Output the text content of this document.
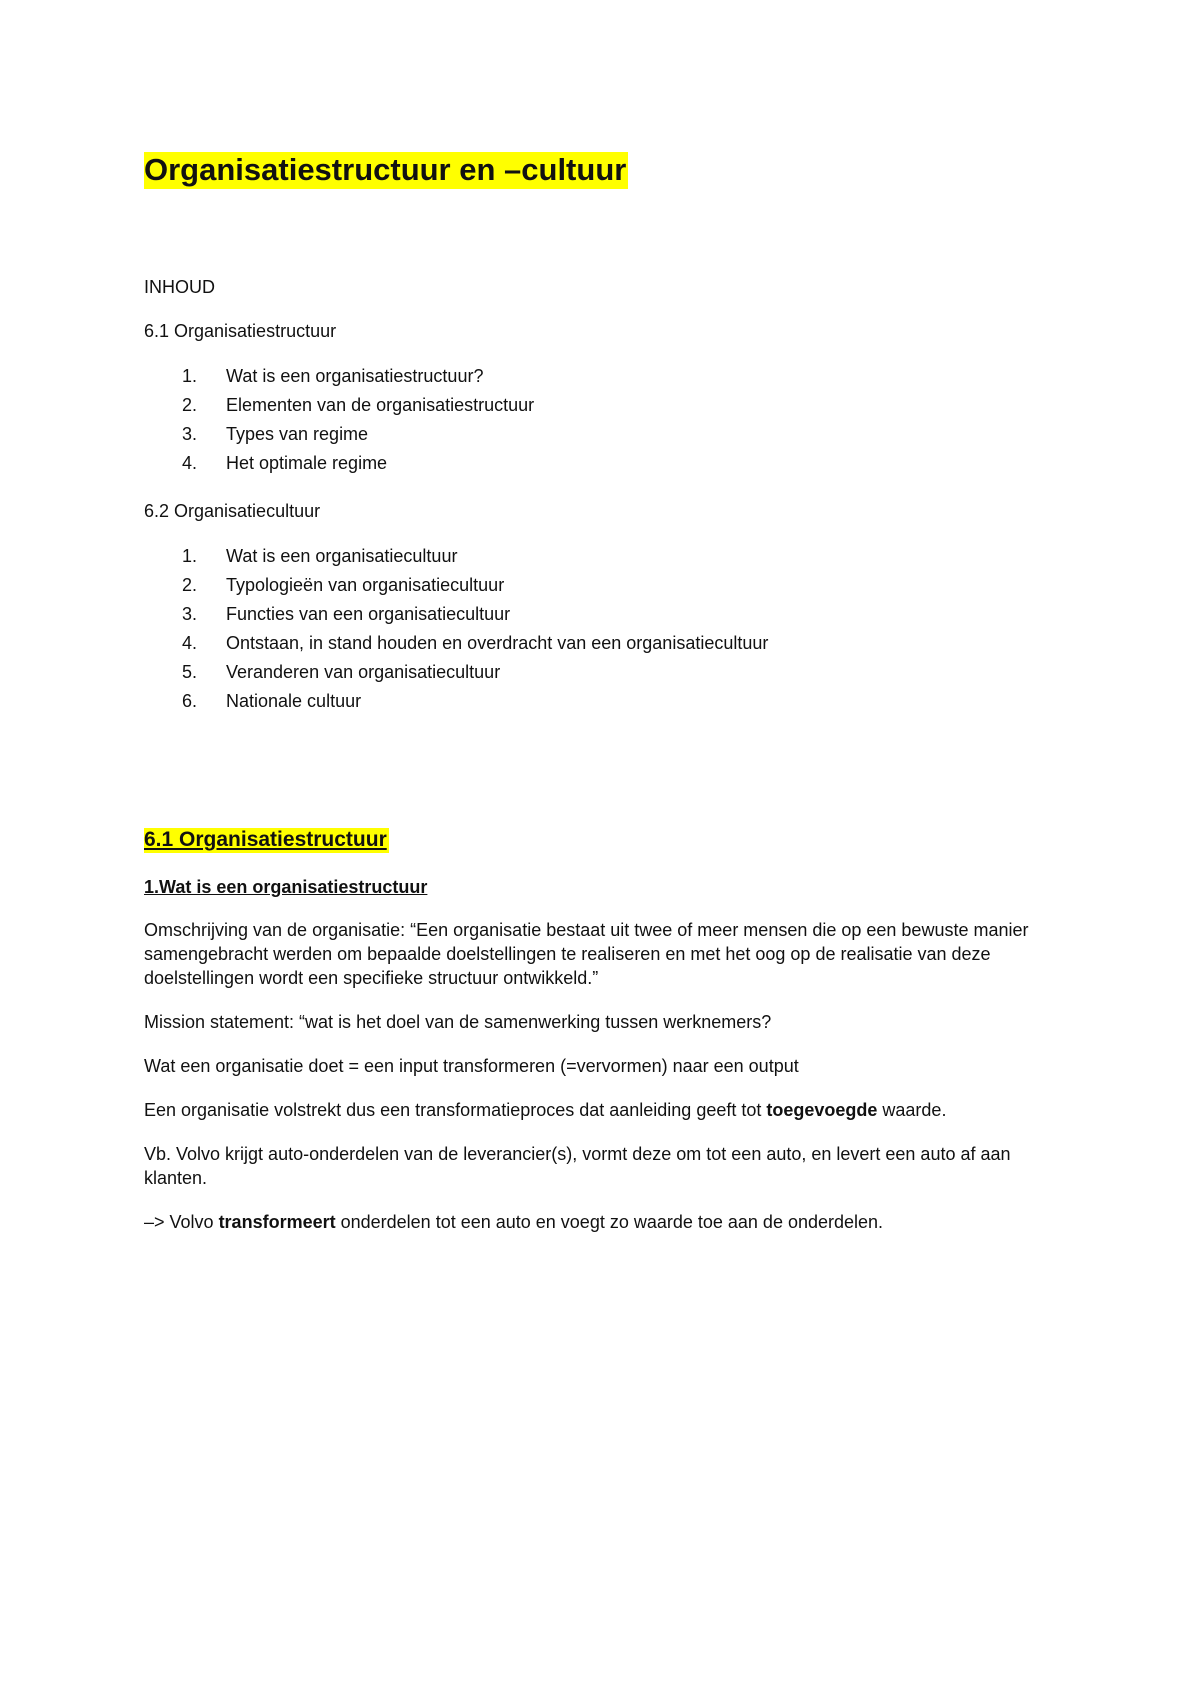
Organisatiestructuur en –cultuur

INHOUD

6.1 Organisatiestructuur

1. Wat is een organisatiestructuur?
2. Elementen van de organisatiestructuur
3. Types van regime
4. Het optimale regime

6.2 Organisatiecultuur

1. Wat is een organisatiecultuur
2. Typologieën van organisatiecultuur
3. Functies van een organisatiecultuur
4. Ontstaan, in stand houden en overdracht van een organisatiecultuur
5. Veranderen van organisatiecultuur
6. Nationale cultuur
6.1 Organisatiestructuur

1.Wat is een organisatiestructuur

Omschrijving van de organisatie: “Een organisatie bestaat uit twee of meer mensen die op een bewuste manier samengebracht werden om bepaalde doelstellingen te realiseren en met het oog op de realisatie van deze doelstellingen wordt een specifieke structuur ontwikkeld.”

Mission statement: “wat is het doel van de samenwerking tussen werknemers?

Wat een organisatie doet = een input transformeren (=vervormen) naar een output

Een organisatie volstrekt dus een transformatieproces dat aanleiding geeft tot toegevoegde waarde.

Vb. Volvo krijgt auto-onderdelen van de leverancier(s), vormt deze om tot een auto, en levert een auto af aan klanten.

–> Volvo transformeert onderdelen tot een auto en voegt zo waarde toe aan de onderdelen.
